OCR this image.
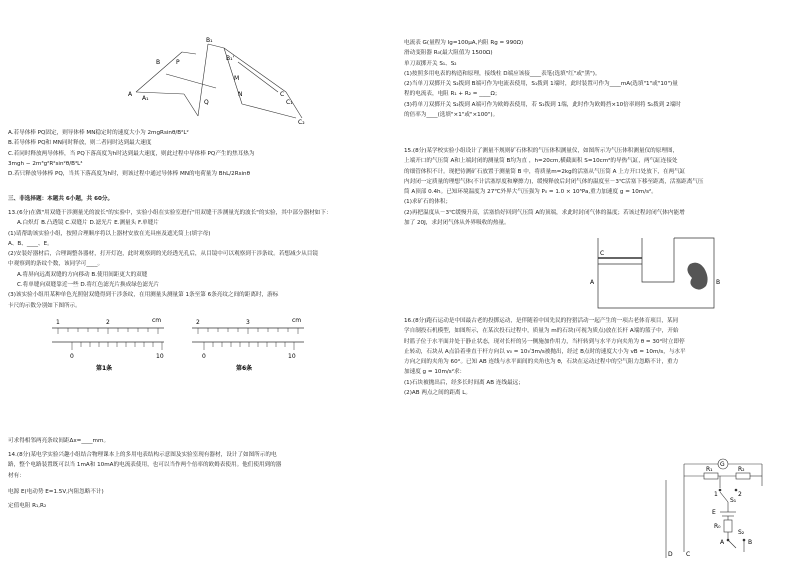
B
A
P
Q
B₁
B₁'
M
N	C
C₁
C₂
A₁
A.若导体棒 PQ固定，则导体棒 MN稳定时的速度大小为 2mgRsinθ/B²L²
B.若导体棒 PQ和 MN同时释放，则二者同时达到最大速度
C.若同时释放两导体棒，当 PQ下落高度为h时达到最大速度，则此过程中导体棒 PQ产生的焦耳热为
3mgh − 2m³g²R²sin²θ/B⁴L⁴
D.若只释放导体棒 PQ，当其下落高度为h时，则该过程中通过导体棒 MN的电荷量为 BhL/2Rsinθ
三、非选择题：本题共 6小题，共 60分。
13.(6分)在做"用双缝干涉测量光的波长"的实验中，实验小组在实验室进行"用双缝干涉测量光的波长"的实验，其中部分器材如下：
A.白炽灯 B.凸透镜 C.双缝片 D.滤光片 E.测量头 F.单缝片
(1)请帮助该实验小组，按照合理顺序将以上器材安放在光具座及遮光筒上(填字母)
A、B、____、E。
(2)安装好器材后，合理调整各器材，打开灯泡，此时观察到的光经透光孔后，从目镜中可以观察到干涉条纹。若想减少从目镜
中观察到的条纹个数，该同学可____。
A.将屏向远离双缝的方向移动 B.使用间距更大的双缝
C.将单缝向双缝靠近一些 D.将红色滤光片换成绿色滤光片
(3)该实验小组用某种单色光照射双缝得到干涉条纹，在用测量头测量第 1条至第 6条亮纹之间的距离时，游标
卡尺的示数分别如下图所示。
cm
1	2
0	10
第1条
cm
2	3
0	10
第6条
可求得相邻两亮条纹间距Δx=____mm。
14.(8分)某电学实验兴趣小组结合物理课本上的多用电表结构示意图及实验室现有器材，设计了如图所示的电
路，整个电路装置既可以当 1mA和 10mA的电流表使用，也可以当作两个倍率的欧姆表使用。他们使用到的器
材有：
电源 E(电动势 E=1.5V,内阻忽略不计)
定值电阻 R₁,R₂
电流表 G(量程为 Ig=100μA,内阻 Rg = 990Ω)
滑动变阻器 R₀(最大阻值为 1500Ω)
单刀双掷开关 S₁、S₂
(1)按照多用电表的构造和原理，接线柱 D端应该接____表笔(选填"红"或"黑")。
(2)当单刀双掷开关 S₂拨到 B端可作为电流表使用，S₁拨到 1端时，此时装置可作为____mA(选填"1"或"10")量
程的电流表，电阻 R₁ + R₂ = ____Ω；
(3)将单刀双掷开关 S₂拨到 A端可作为欧姆表使用，若 S₁拨到 1端，此时作为欧姆挡×10倍率则将 S₁拨到 2端时
的倍率为____(选填"×1"或"×100")。
15.(8分)某学校实验小组设计了测量不规则矿石体积的气压体积测量仪，如图所示为气压体积测量仪的原理图，
上端开口的气压筒 A和上端封闭的测量筒 B均为直 ，h=20cm,横截面积 S=10cm²的导热气缸，两气缸连接处
的细管体积不计。现把待测矿石放置于测量筒 B 中，将质量m=2kg的活塞从气压筒 A 上方开口处放下，在两气缸
内封闭一定质量的理想气体(不计活塞厚度和摩擦力)，缓慢释放后封闭气体的温度至－3℃活塞下移至距离，活塞距离气压
筒 A顶部 0.4h。已知环境温度为 27℃外界大气压强为 P₀ = 1.0 × 10⁵Pa,重力加速度 g = 10m/s²。
(1)求矿石的体积；
(2)再把温度从－3℃缓慢升高，活塞恰好回到气压筒 A的顶端，求此时封闭气体的温度；若该过程封闭气体内能增
加了 20J，求封闭气体从外界吸收的热量。
C
A	B
16.(8分)跑石运动是中国最古老的投掷运动，是伴随着中国先民的狩猎活动一起产生的一项古老体育项目，某同
学自制投石机模型，如图所示，在某次投石过程中，质量为 m的石块(可视为质点)放在长杆 A端的篮子中，开始
时篮子位于水平面并处于静止状态，现对长杆的另一侧施加作用力，当杆转到与水平方向夹角为 θ = 30°时立即停
止转动，石块从 A点沿着垂直于杆方向以 v₀ = 10√3m/s被抛出，经过 B点时的速度大小为 vB = 10m/s，与水平
方向之间的夹角为 60°。已知 AB 连线与水平面间的夹角也为 θ，石块在运动过程中的空气阻力忽略不计，重力
加速度 g = 10m/s²求：
(1)石块被抛出后，经多长时间离 AB 连线最远；
(2)AB 两点之间的距离 L。
G
R₁	R₂
1	2
S₁
E
R₀
A	B
S₂
C
D
